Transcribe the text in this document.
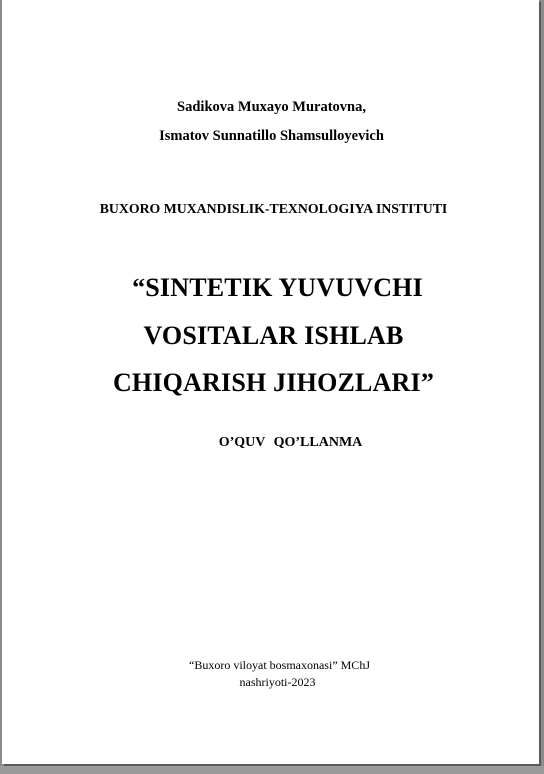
Sadikova Muxayo Muratovna,
Ismatov Sunnatillo Shamsulloyevich
BUXORO MUXANDISLIK-TEXNOLOGIYA INSTITUTI
“SINTETIK YUVUVCHI
VOSITALAR ISHLAB
CHIQARISH JIHOZLARI”
O’QUV QO’LLANMA
“Buxoro viloyat bosmaxonasi” MChJ
nashriyoti-2023
